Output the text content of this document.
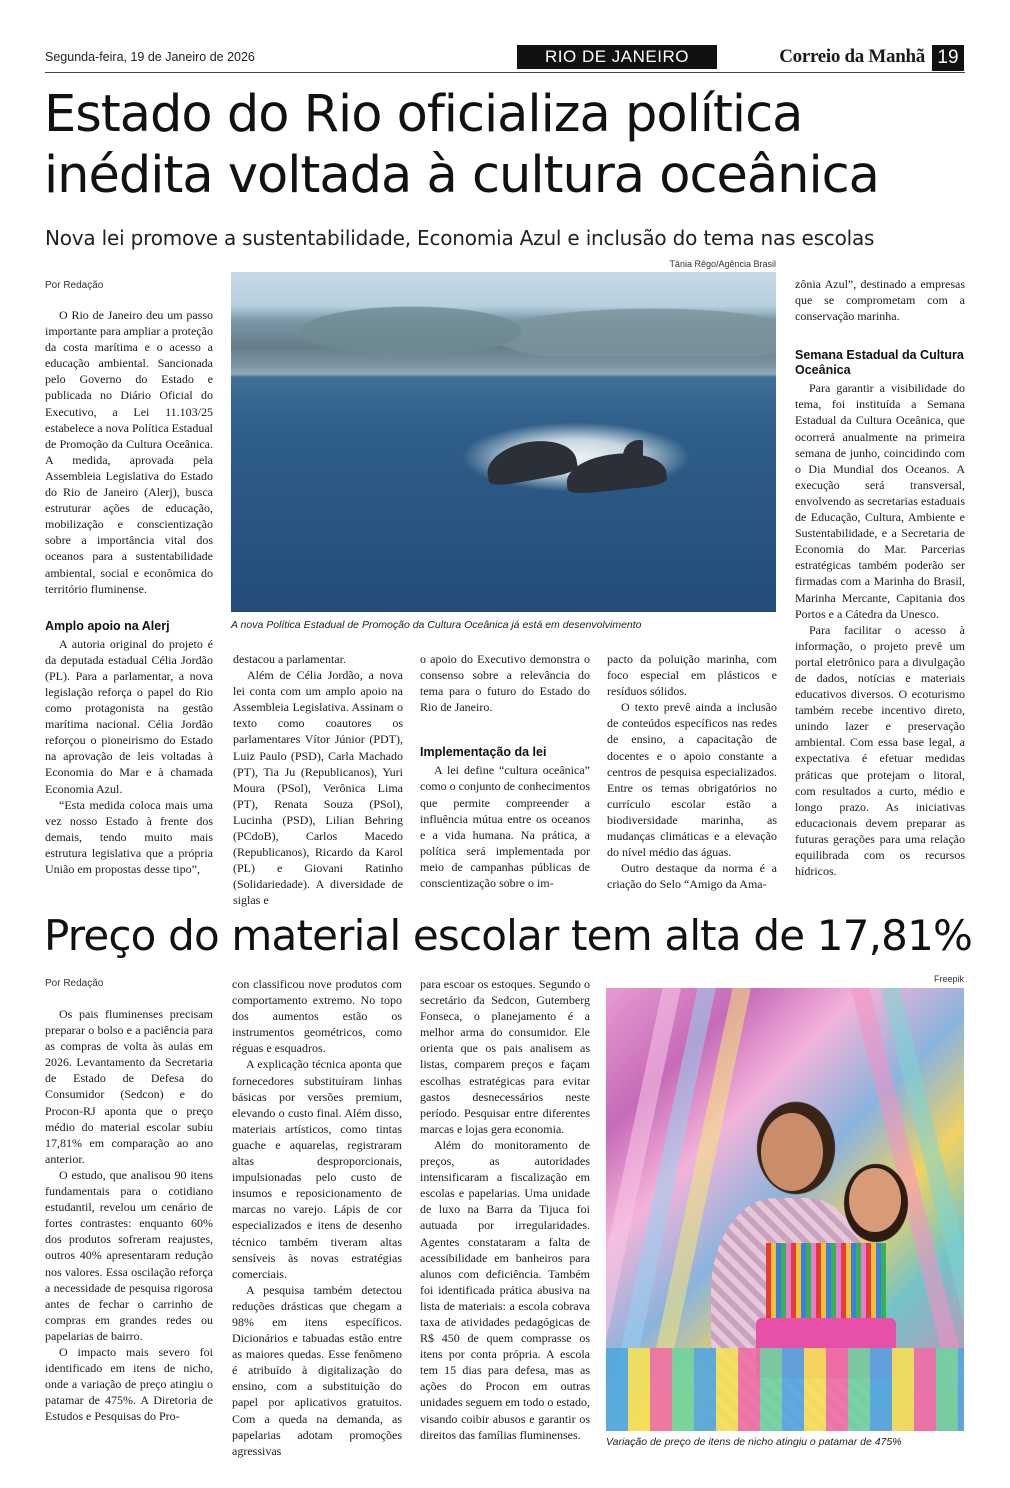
Segunda-feira, 19 de Janeiro de 2026	RIO DE JANEIRO	Correio da Manhã 19
Estado do Rio oficializa política
inédita voltada à cultura oceânica
Nova lei promove a sustentabilidade, Economia Azul e inclusão do tema nas escolas
Por Redação
Tânia Rêgo/Agência Brasil
A nova Política Estadual de Promoção da Cultura Oceânica já está em desenvolvimento

O Rio de Janeiro deu um passo importante para ampliar a proteção da costa marítima e o acesso a educação ambiental. Sancionada pelo Governo do Estado e publicada no Diário Oficial do Executivo, a Lei 11.103/25 estabelece a nova Política Estadual de Promoção da Cultura Oceânica. A medida, aprovada pela Assembleia Legislativa do Estado do Rio de Janeiro (Alerj), busca estruturar ações de educação, mobilização e conscientização sobre a importância vital dos oceanos para a sustentabilidade ambiental, social e econômica do território fluminense.

Amplo apoio na Alerj

A autoria original do projeto é da deputada estadual Célia Jordão (PL). Para a parlamentar, a nova legislação reforça o papel do Rio como protagonista na gestão marítima nacional. Célia Jordão reforçou o pioneirismo do Estado na aprovação de leis voltadas à Economia do Mar e à chamada Economia Azul.

“Esta medida coloca mais uma vez nosso Estado à frente dos demais, tendo muito mais estrutura legislativa que a própria União em propostas desse tipo”,

destacou a parlamentar.

Além de Célia Jordão, a nova lei conta com um amplo apoio na Assembleia Legislativa. Assinam o texto como coautores os parlamentares Vítor Júnior (PDT), Luiz Paulo (PSD), Carla Machado (PT), Tia Ju (Republicanos), Yuri Moura (PSol), Verônica Lima (PT), Renata Souza (PSol), Lucinha (PSD), Lilian Behring (PCdoB), Carlos Macedo (Republicanos), Ricardo da Karol (PL) e Giovani Ratinho (Solidariedade). A diversidade de siglas e

o apoio do Executivo demonstra o consenso sobre a relevância do tema para o futuro do Estado do Rio de Janeiro.

Implementação da lei

A lei define “cultura oceânica” como o conjunto de conhecimentos que permite compreender a influência mútua entre os oceanos e a vida humana. Na prática, a política será implementada por meio de campanhas públicas de conscientização sobre o im-

pacto da poluição marinha, com foco especial em plásticos e resíduos sólidos.

O texto prevê ainda a inclusão de conteúdos específicos nas redes de ensino, a capacitação de docentes e o apoio constante a centros de pesquisa especializados. Entre os temas obrigatórios no currículo escolar estão a biodiversidade marinha, as mudanças climáticas e a elevação do nível médio das águas.

Outro destaque da norma é a criação do Selo “Amigo da Ama-

zônia Azul”, destinado a empresas que se comprometam com a conservação marinha.

Semana Estadual da Cultura Oceânica

Para garantir a visibilidade do tema, foi instituída a Semana Estadual da Cultura Oceânica, que ocorrerá anualmente na primeira semana de junho, coincidindo com o Dia Mundial dos Oceanos. A execução será transversal, envolvendo as secretarias estaduais de Educação, Cultura, Ambiente e Sustentabilidade, e a Secretaria de Economia do Mar. Parcerias estratégicas também poderão ser firmadas com a Marinha do Brasil, Marinha Mercante, Capitania dos Portos e a Cátedra da Unesco.

Para facilitar o acesso à informação, o projeto prevê um portal eletrônico para a divulgação de dados, notícias e materiais educativos diversos. O ecoturismo também recebe incentivo direto, unindo lazer e preservação ambiental. Com essa base legal, a expectativa é efetuar medidas práticas que protejam o litoral, com resultados a curto, médio e longo prazo. As iniciativas educacionais devem preparar as futuras gerações para uma relação equilibrada com os recursos hídricos.

Preço do material escolar tem alta de 17,81%
Por Redação	Freepik
Variação de preço de itens de nicho atingiu o patamar de 475%

Os pais fluminenses precisam preparar o bolso e a paciência para as compras de volta às aulas em 2026. Levantamento da Secretaria de Estado de Defesa do Consumidor (Sedcon) e do Procon-RJ aponta que o preço médio do material escolar subiu 17,81% em comparação ao ano anterior.

O estudo, que analisou 90 itens fundamentais para o cotidiano estudantil, revelou um cenário de fortes contrastes: enquanto 60% dos produtos sofreram reajustes, outros 40% apresentaram redução nos valores. Essa oscilação reforça a necessidade de pesquisa rigorosa antes de fechar o carrinho de compras em grandes redes ou papelarias de bairro.

O impacto mais severo foi identificado em itens de nicho, onde a variação de preço atingiu o patamar de 475%. A Diretoria de Estudos e Pesquisas do Pro-

con classificou nove produtos com comportamento extremo. No topo dos aumentos estão os instrumentos geométricos, como réguas e esquadros.

A explicação técnica aponta que fornecedores substituíram linhas básicas por versões premium, elevando o custo final. Além disso, materiais artísticos, como tintas guache e aquarelas, registraram altas desproporcionais, impulsionadas pelo custo de insumos e reposicionamento de marcas no varejo. Lápis de cor especializados e itens de desenho técnico também tiveram altas sensíveis às novas estratégias comerciais.

A pesquisa também detectou reduções drásticas que chegam a 98% em itens específicos. Dicionários e tabuadas estão entre as maiores quedas. Esse fenômeno é atribuído à digitalização do ensino, com a substituição do papel por aplicativos gratuitos. Com a queda na demanda, as papelarias adotam promoções agressivas

para escoar os estoques. Segundo o secretário da Sedcon, Gutemberg Fonseca, o planejamento é a melhor arma do consumidor. Ele orienta que os pais analisem as listas, comparem preços e façam escolhas estratégicas para evitar gastos desnecessários neste período. Pesquisar entre diferentes marcas e lojas gera economia.

Além do monitoramento de preços, as autoridades intensificaram a fiscalização em escolas e papelarias. Uma unidade de luxo na Barra da Tijuca foi autuada por irregularidades. Agentes constataram a falta de acessibilidade em banheiros para alunos com deficiência. Também foi identificada prática abusiva na lista de materiais: a escola cobrava taxa de atividades pedagógicas de R$ 450 de quem comprasse os itens por conta própria. A escola tem 15 dias para defesa, mas as ações do Procon em outras unidades seguem em todo o estado, visando coibir abusos e garantir os direitos das famílias fluminenses.
